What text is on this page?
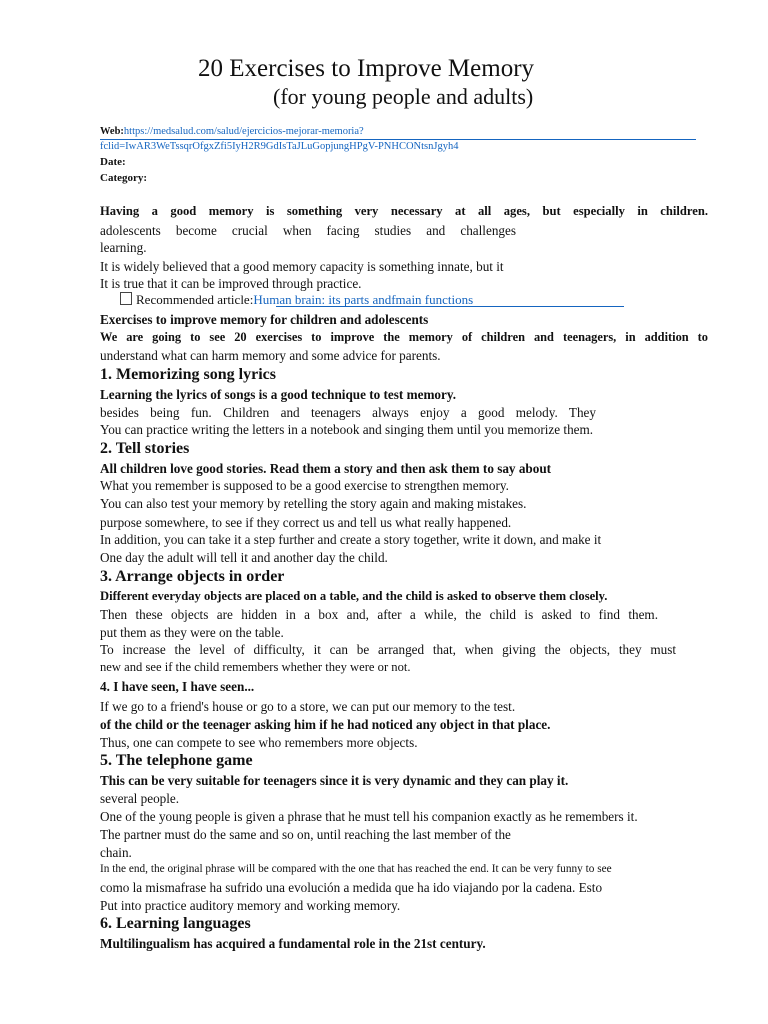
20 Exercises to Improve Memory
(for young people and adults)
Web:https://medsalud.com/salud/ejercicios-mejorar-memoria?
fclid=IwAR3WeTssqrOfgxZfi5IyH2R9GdIsTaJLuGopjungHPgV-PNHCONtsnJgyh4
Date:
Category:
Having a good memory is something very necessary at all ages, but especially in children.
adolescents become crucial when facing studies and challenges
learning.
It is widely believed that a good memory capacity is something innate, but it
It is true that it can be improved through practice.
Recommended article:Human brain: its parts andfmain functions
Exercises to improve memory for children and adolescents
We are going to see 20 exercises to improve the memory of children and teenagers, in addition to
understand what can harm memory and some advice for parents.
1. Memorizing song lyrics
Learning the lyrics of songs is a good technique to test memory.
besides being fun. Children and teenagers always enjoy a good melody. They
You can practice writing the letters in a notebook and singing them until you memorize them.
2. Tell stories
All children love good stories. Read them a story and then ask them to say about
What you remember is supposed to be a good exercise to strengthen memory.
You can also test your memory by retelling the story again and making mistakes.
purpose somewhere, to see if they correct us and tell us what really happened.
In addition, you can take it a step further and create a story together, write it down, and make it
One day the adult will tell it and another day the child.
3. Arrange objects in order
Different everyday objects are placed on a table, and the child is asked to observe them closely.
Then these objects are hidden in a box and, after a while, the child is asked to find them.
put them as they were on the table.
To increase the level of difficulty, it can be arranged that, when giving the objects, they must
new and see if the child remembers whether they were or not.
4. I have seen, I have seen...
If we go to a friend's house or go to a store, we can put our memory to the test.
of the child or the teenager asking him if he had noticed any object in that place.
Thus, one can compete to see who remembers more objects.
5. The telephone game
This can be very suitable for teenagers since it is very dynamic and they can play it.
several people.
One of the young people is given a phrase that he must tell his companion exactly as he remembers it.
The partner must do the same and so on, until reaching the last member of the
chain.
In the end, the original phrase will be compared with the one that has reached the end. It can be very funny to see
como la mismafrase ha sufrido una evolución a medida que ha ido viajando por la cadena. Esto
Put into practice auditory memory and working memory.
6. Learning languages
Multilingualism has acquired a fundamental role in the 21st century.
